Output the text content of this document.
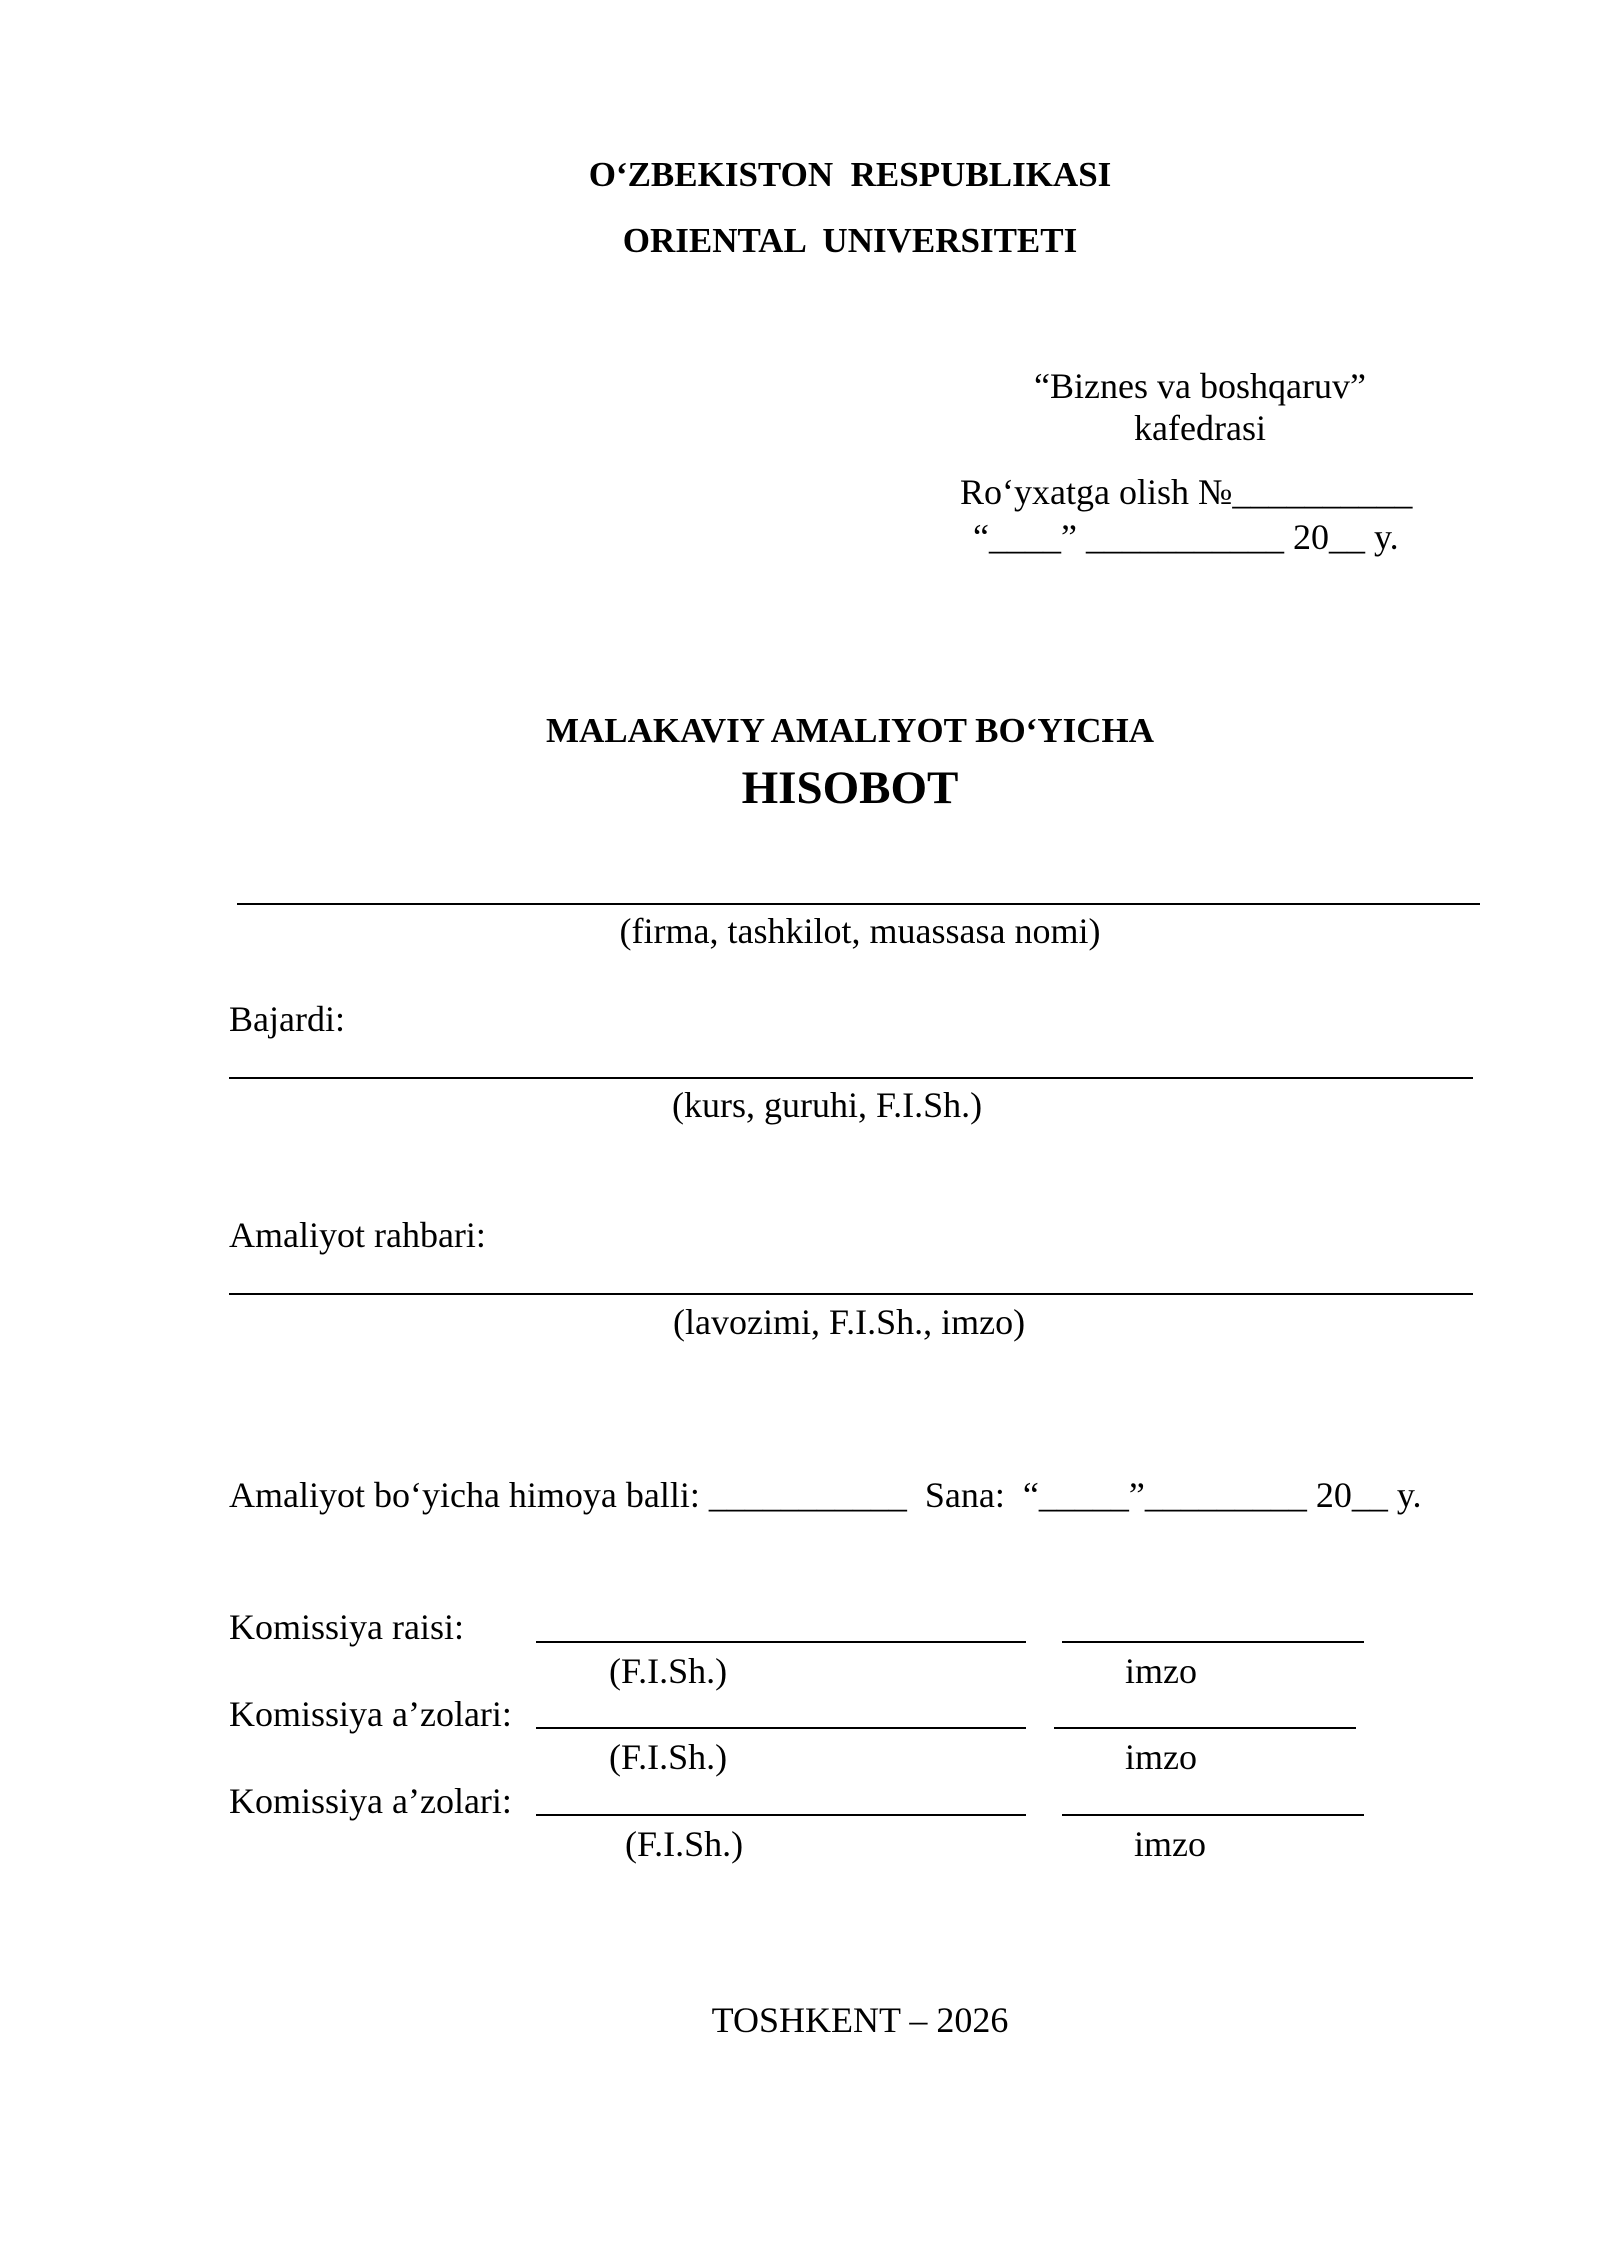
O‘ZBEKISTON  RESPUBLIKASI
ORIENTAL  UNIVERSITETI
“Biznes va boshqaruv”
kafedrasi
Ro‘yxatga olish №__________
“____” ___________ 20__ y.
MALAKAVIY AMALIYOT BO‘YICHA
HISOBOT
(firma, tashkilot, muassasa nomi)
Bajardi:
(kurs, guruhi, F.I.Sh.)
Amaliyot rahbari:
(lavozimi, F.I.Sh., imzo)
Amaliyot bo‘yicha himoya balli: ___________  Sana:  “_____”_________ 20__ y.
Komissiya raisi:
(F.I.Sh.)	imzo
Komissiya a’zolari:
(F.I.Sh.)	imzo
Komissiya a’zolari:
(F.I.Sh.)	imzo
TOSHKENT – 2026
